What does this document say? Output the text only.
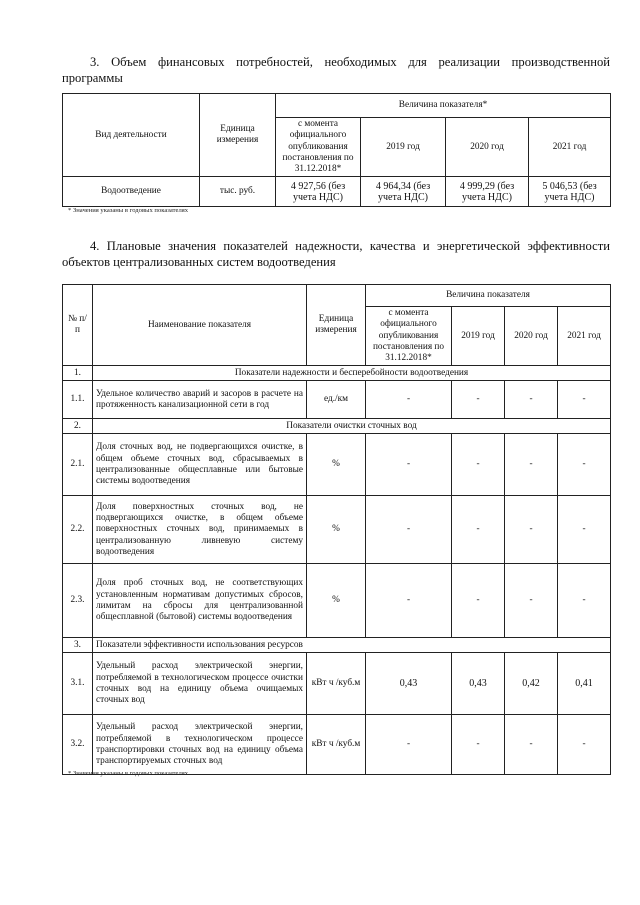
3. Объем финансовых потребностей, необходимых для реализации производственной программы
Вид деятельности	Единица измерения	Величина показателя*			
		с момента официального опубликования постановления по 31.12.2018*	2019 год	2020 год	2021 год
Водоотведение	тыс. руб.	4 927,56 (без учета НДС)	4 964,34 (без учета НДС)	4 999,29 (без учета НДС)	5 046,53 (без учета НДС)
* Значения указаны в годовых показателях
4. Плановые значения показателей надежности, качества и энергетической эффективности объектов централизованных систем водоотведения
№ п/п	Наименование показателя	Единица измерения	Величина показателя			
			с момента официального опубликования постановления по 31.12.2018*	2019 год	2020 год	2021 год
1.	Показатели надежности и бесперебойности водоотведения					
1.1.	Удельное количество аварий и засоров в расчете на протяженность канализационной сети в год	ед./км	-	-	-	-
2.	Показатели очистки сточных вод					
2.1.	Доля сточных вод, не подвергающихся очистке, в общем объеме сточных вод, сбрасываемых в централизованные общесплавные или бытовые системы водоотведения	%	-	-	-	-
2.2.	Доля поверхностных сточных вод, не подвергающихся очистке, в общем объеме поверхностных сточных вод, принимаемых в централизованную ливневую систему водоотведения	%	-	-	-	-
2.3.	Доля проб сточных вод, не соответствующих установленным нормативам допустимых сбросов, лимитам на сбросы для централизованной общесплавной (бытовой) системы водоотведения	%	-	-	-	-
3.	Показатели эффективности использования ресурсов					
3.1.	Удельный расход электрической энергии, потребляемой в технологическом процессе очистки сточных вод на единицу объема очищаемых сточных вод	кВт ч /куб.м	0,43	0,43	0,42	0,41
3.2.	Удельный расход электрической энергии, потребляемой в технологическом процессе транспортировки сточных вод на единицу объема транспортируемых сточных вод	кВт ч /куб.м	-	-	-	-
* Значения указаны в годовых показателях
